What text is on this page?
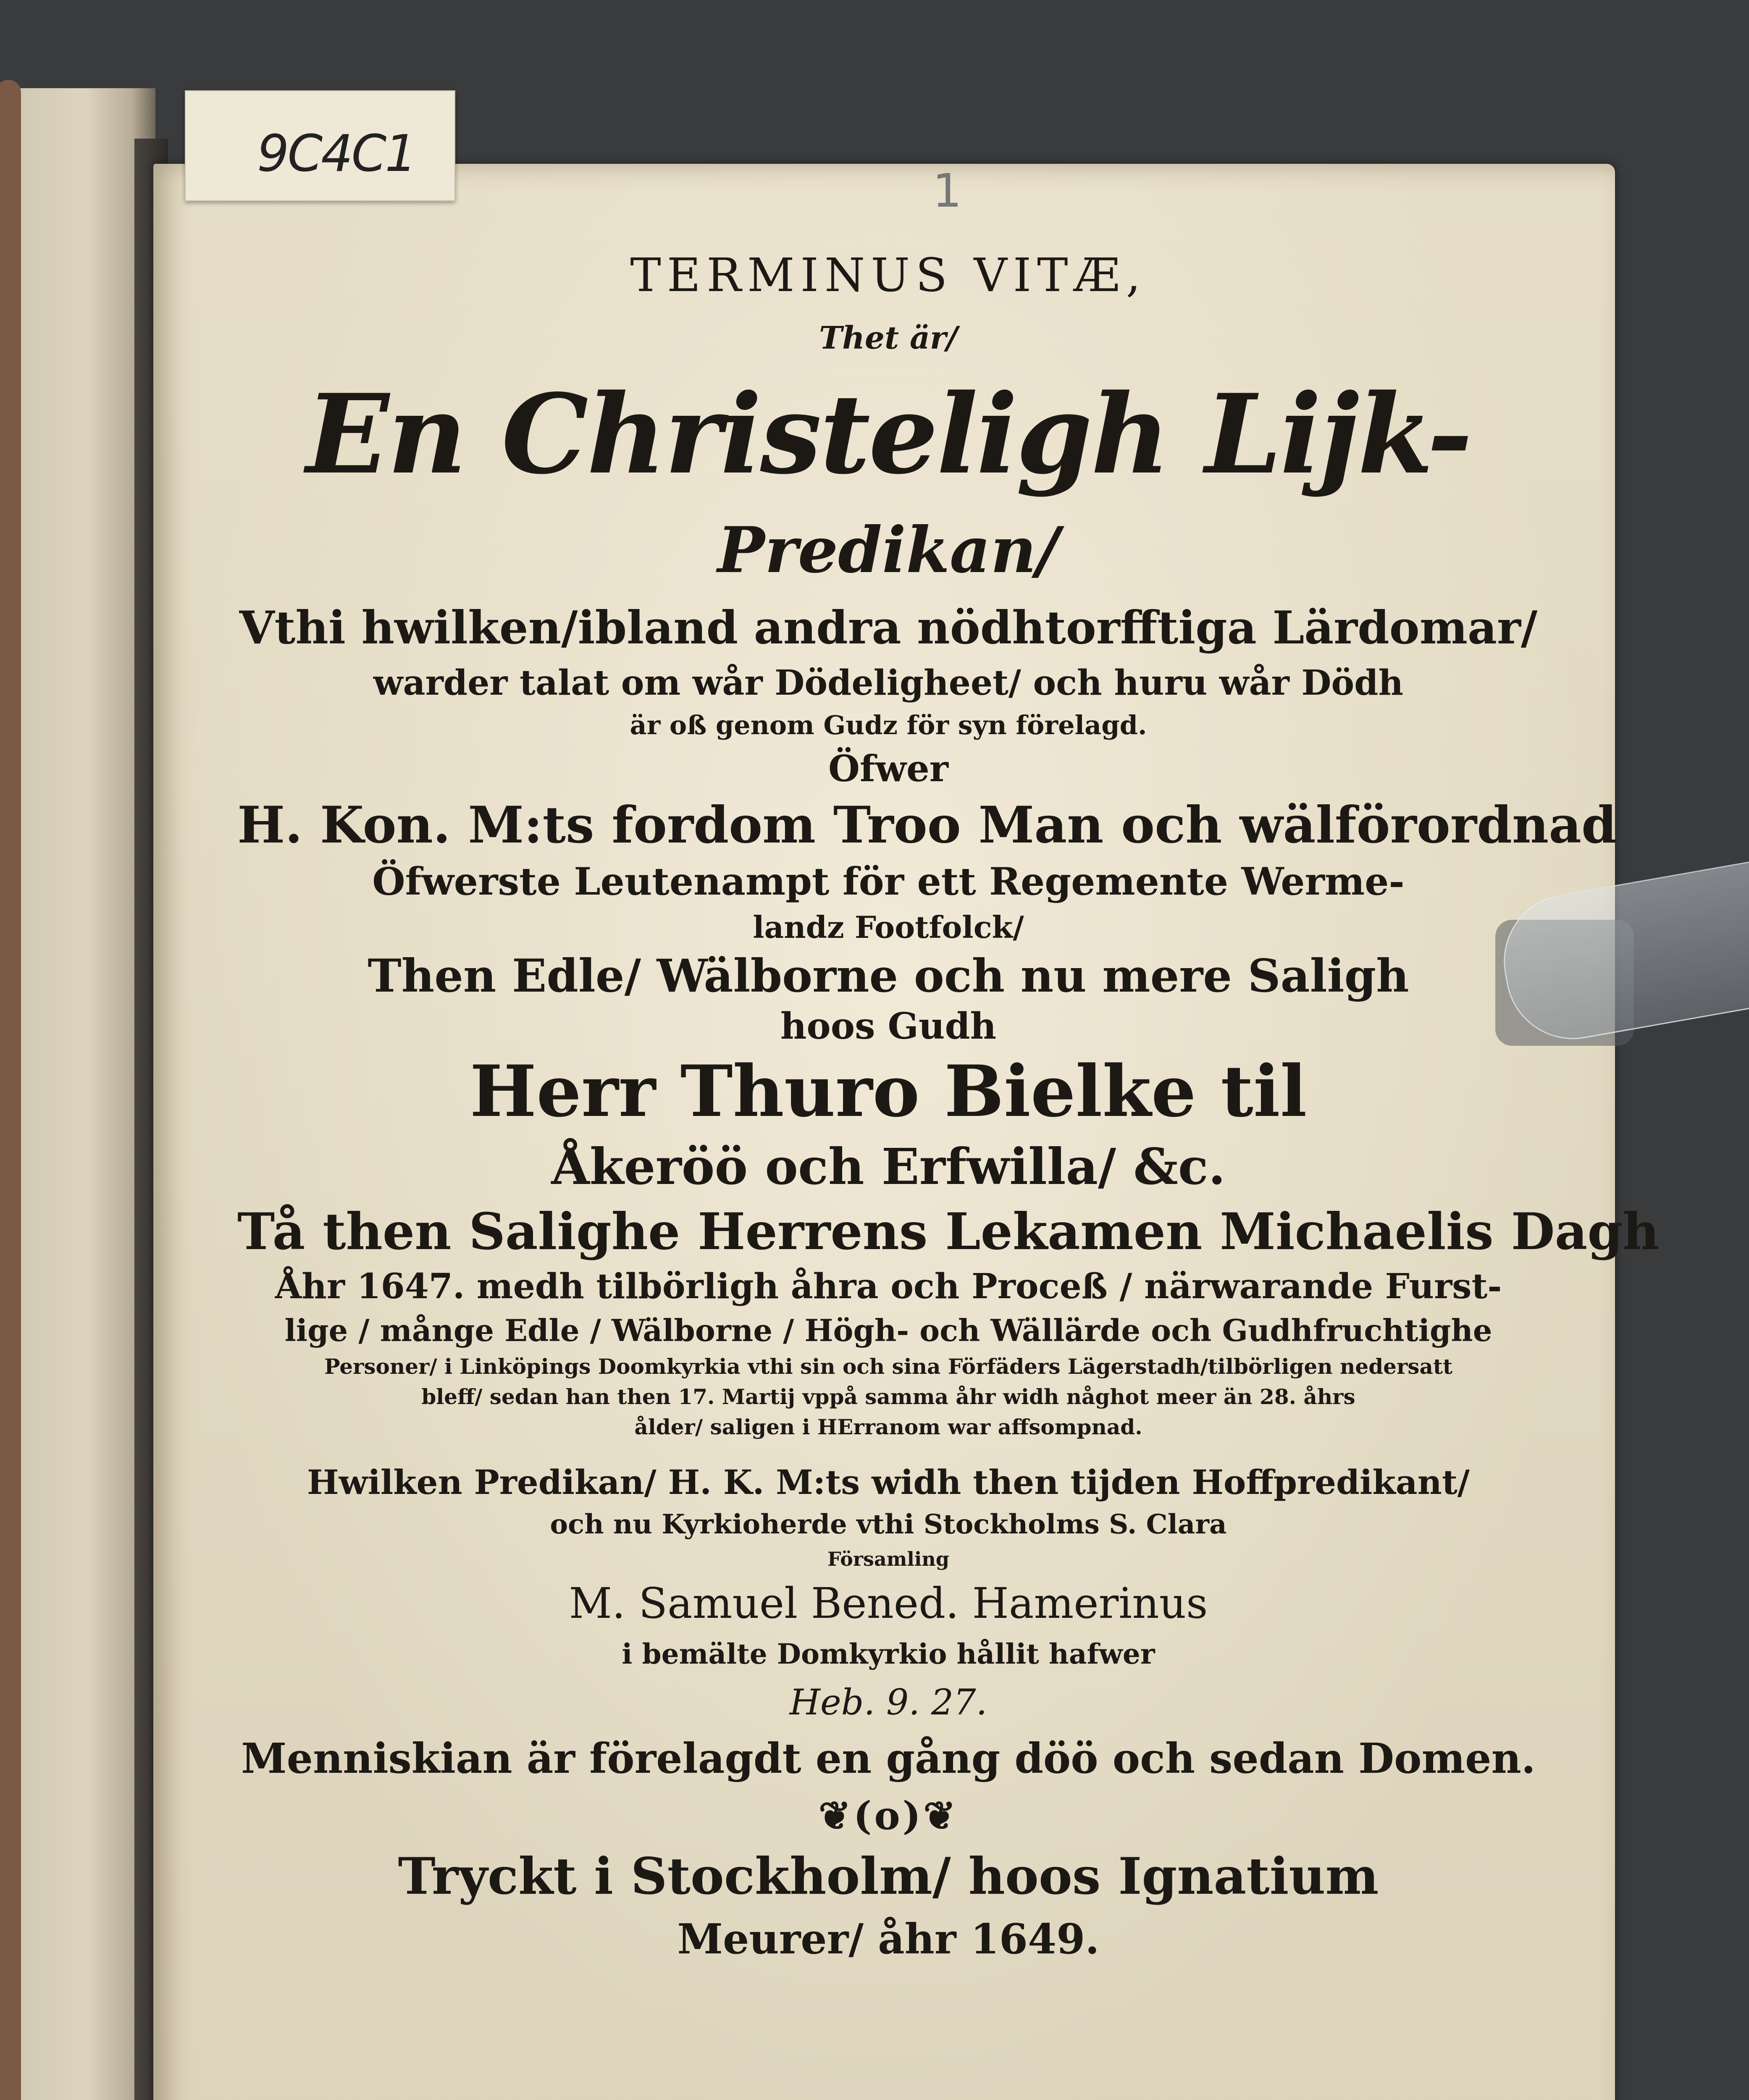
1
TERMINUS VITÆ,
Thet är/
En Christeligh Lijk-
Predikan/
Vthi hwilken/ibland andra nödhtorfftiga Lärdomar/
warder talat om wår Dödeligheet/ och huru wår Dödh
är oß genom Gudz för syn förelagd.
Öfwer
H. Kon. M:ts fordom Troo Man och wälförordnad
Öfwerste Leutenampt för ett Regemente Werme-
landz Footfolck/
Then Edle/ Wälborne och nu mere Saligh
hoos Gudh
Herr Thuro Bielke til
Åkeröö och Erfwilla/ &c.
Tå then Salighe Herrens Lekamen Michaelis Dagh
Åhr 1647. medh tilbörligh åhra och Proceß / närwarande Furst-
lige / månge Edle / Wälborne / Högh- och Wällärde och Gudhfruchtighe
Personer/ i Linköpings Doomkyrkia vthi sin och sina Förfäders Lägerstadh/tilbörligen nedersatt
bleff/ sedan han then 17. Martij vppå samma åhr widh någhot meer än 28. åhrs
ålder/ saligen i HErranom war affsompnad.
Hwilken Predikan/ H. K. M:ts widh then tijden Hoffpredikant/
och nu Kyrkioherde vthi Stockholms S. Clara
Församling
M. Samuel Bened. Hamerinus
i bemälte Domkyrkio hållit hafwer
Heb. 9. 27.
Menniskian är förelagdt en gång döö och sedan Domen.
❦(o)❦
Tryckt i Stockholm/ hoos Ignatium
Meurer/ åhr 1649.
9C4C1
